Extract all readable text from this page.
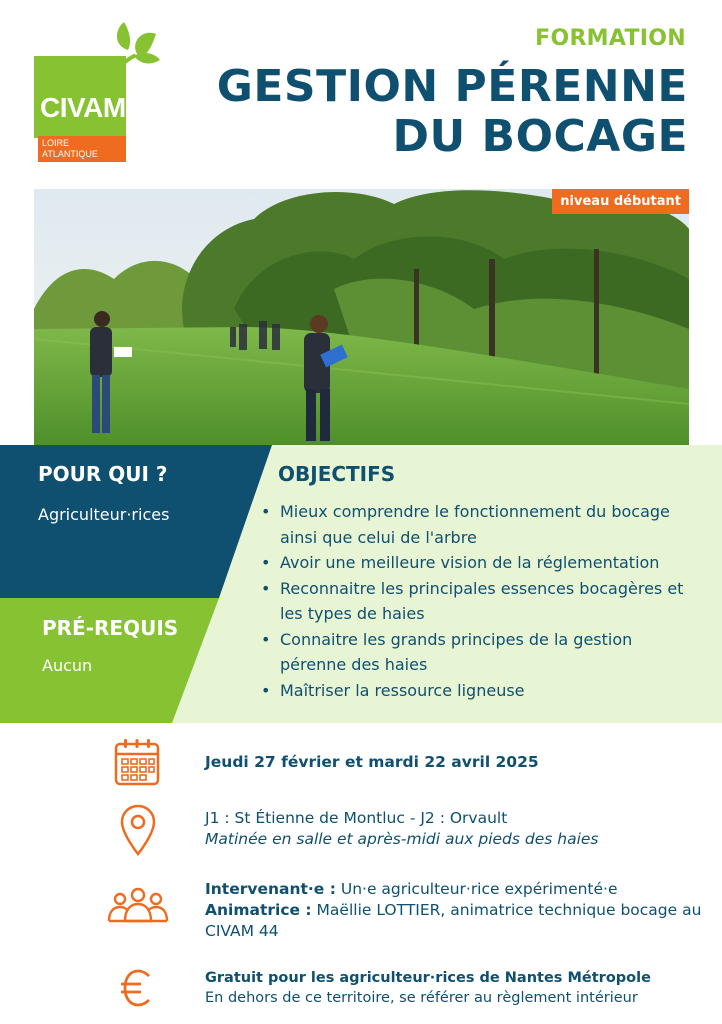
CIVAM
LOIRE
ATLANTIQUE
FORMATION
GESTION PÉRENNE
DU BOCAGE
niveau débutant
POUR QUI ?
Agriculteur·rices
PRÉ-REQUIS
Aucun
OBJECTIFS
• Mieux comprendre le fonctionnement du bocage ainsi que celui de l'arbre
• Avoir une meilleure vision de la réglementation
• Reconnaitre les principales essences bocagères et les types de haies
• Connaitre les grands principes de la gestion pérenne des haies
• Maîtriser la ressource ligneuse
Jeudi 27 février et mardi 22 avril 2025
J1 : St Étienne de Montluc - J2 : Orvault
Matinée en salle et après-midi aux pieds des haies
Intervenant·e : Un·e agriculteur·rice expérimenté·e
Animatrice : Maëllie LOTTIER, animatrice technique bocage au CIVAM 44
Gratuit pour les agriculteur·rices de Nantes Métropole
En dehors de ce territoire, se référer au règlement intérieur
